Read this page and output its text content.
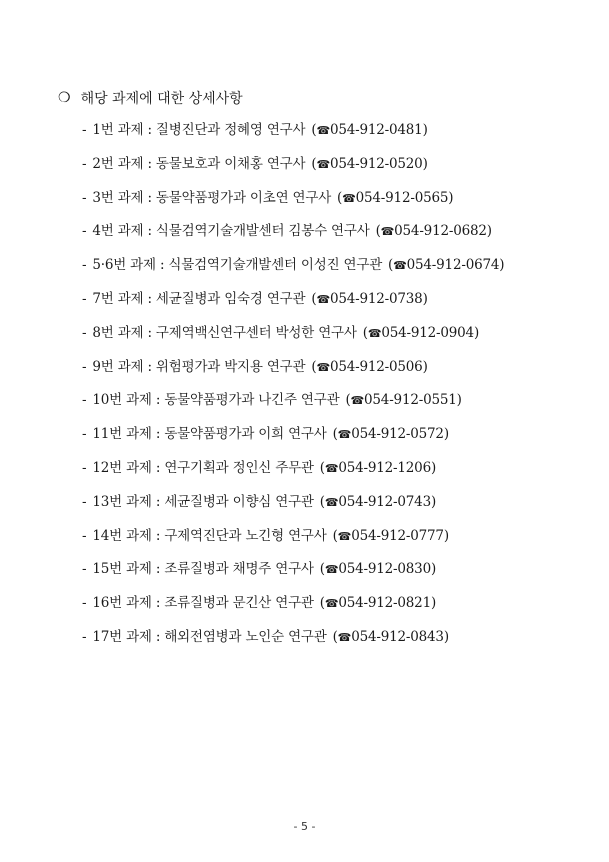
❍ 해당 과제에 대한 상세사항
- 1번 과제 : 질병진단과 정혜영 연구사 (☎054-912-0481)
- 2번 과제 : 동물보호과 이채홍 연구사 (☎054-912-0520)
- 3번 과제 : 동물약품평가과 이초연 연구사 (☎054-912-0565)
- 4번 과제 : 식물검역기술개발센터 김봉수 연구사 (☎054-912-0682)
- 5·6번 과제 : 식물검역기술개발센터 이성진 연구관 (☎054-912-0674)
- 7번 과제 : 세균질병과 임숙경 연구관 (☎054-912-0738)
- 8번 과제 : 구제역백신연구센터 박성한 연구사 (☎054-912-0904)
- 9번 과제 : 위험평가과 박지용 연구관 (☎054-912-0506)
- 10번 과제 : 동물약품평가과 나긴주 연구관 (☎054-912-0551)
- 11번 과제 : 동물약품평가과 이희 연구사 (☎054-912-0572)
- 12번 과제 : 연구기획과 정인신 주무관 (☎054-912-1206)
- 13번 과제 : 세균질병과 이향심 연구관 (☎054-912-0743)
- 14번 과제 : 구제역진단과 노긴형 연구사 (☎054-912-0777)
- 15번 과제 : 조류질병과 채명주 연구사 (☎054-912-0830)
- 16번 과제 : 조류질병과 문긴산 연구관 (☎054-912-0821)
- 17번 과제 : 해외전염병과 노인순 연구관 (☎054-912-0843)
- 5 -
